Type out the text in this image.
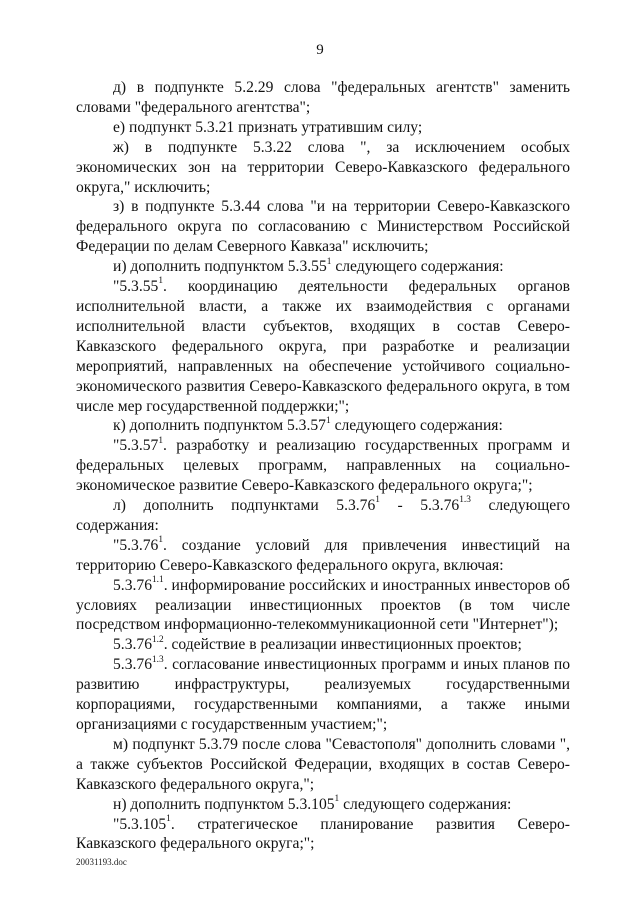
9

д) в подпункте 5.2.29 слова "федеральных агентств" заменить словами "федерального агентства";

е) подпункт 5.3.21 признать утратившим силу;

ж) в подпункте 5.3.22 слова ", за исключением особых экономических зон на территории Северо-Кавказского федерального округа," исключить;

з) в подпункте 5.3.44 слова "и на территории Северо-Кавказского федерального округа по согласованию с Министерством Российской Федерации по делам Северного Кавказа" исключить;

и) дополнить подпунктом 5.3.55$^1$ следующего содержания:

"5.3.55$^1$. координацию деятельности федеральных органов исполнительной власти, а также их взаимодействия с органами исполнительной власти субъектов, входящих в состав Северо-Кавказского федерального округа, при разработке и реализации мероприятий, направленных на обеспечение устойчивого социально-экономического развития Северо-Кавказского федерального округа, в том числе мер государственной поддержки;";

к) дополнить подпунктом 5.3.57$^1$ следующего содержания:

"5.3.57$^1$. разработку и реализацию государственных программ и федеральных целевых программ, направленных на социально-экономическое развитие Северо-Кавказского федерального округа;";

л) дополнить подпунктами $5.3.76^1 - 5.3.76^{1.3}$ следующего содержания:

"5.3.76$^1$. создание условий для привлечения инвестиций на территорию Северо-Кавказского федерального округа, включая:

$5.3.76^{1.1}$. информирование российских и иностранных инвесторов об условиях реализации инвестиционных проектов (в том числе посредством информационно-телекоммуникационной сети "Интернет");

$5.3.76^{1.2}$. содействие в реализации инвестиционных проектов;

$5.3.76^{1.3}$. согласование инвестиционных программ и иных планов по развитию инфраструктуры, реализуемых государственными корпорациями, государственными компаниями, а также иными организациями с государственным участием;";

м) подпункт 5.3.79 после слова "Севастополя" дополнить словами ", а также субъектов Российской Федерации, входящих в состав Северо-Кавказского федерального округа,";

н) дополнить подпунктом 5.3.105$^1$ следующего содержания:

"5.3.105$^1$. стратегическое планирование развития Северо-Кавказского федерального округа;";

20031193.doc
